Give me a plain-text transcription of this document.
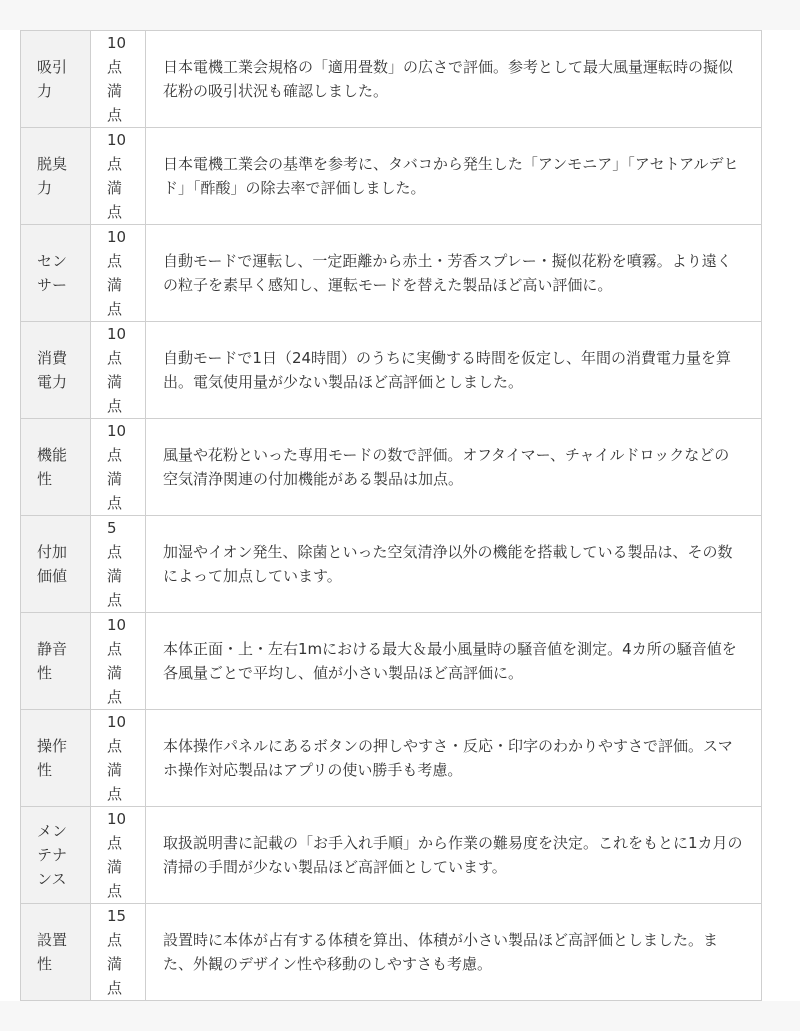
吸引力	10点満点	日本電機工業会規格の「適用畳数」の広さで評価。参考として最大風量運転時の擬似花粉の吸引状況も確認しました。

脱臭力	10点満点	日本電機工業会の基準を参考に、タバコから発生した「アンモニア」「アセトアルデヒド」「酢酸」の除去率で評価しました。

センサー	10点満点	自動モードで運転し、一定距離から赤土・芳香スプレー・擬似花粉を噴霧。より遠くの粒子を素早く感知し、運転モードを替えた製品ほど高い評価に。

消費電力	10点満点	自動モードで1日（24時間）のうちに実働する時間を仮定し、年間の消費電力量を算出。電気使用量が少ない製品ほど高評価としました。

機能性	10点満点	風量や花粉といった専用モードの数で評価。オフタイマー、チャイルドロックなどの空気清浄関連の付加機能がある製品は加点。

付加価値	5点満点	加湿やイオン発生、除菌といった空気清浄以外の機能を搭載している製品は、その数によって加点しています。

静音性	10点満点	本体正面・上・左右1mにおける最大＆最小風量時の騒音値を測定。4カ所の騒音値を各風量ごとで平均し、値が小さい製品ほど高評価に。

操作性	10点満点	本体操作パネルにあるボタンの押しやすさ・反応・印字のわかりやすさで評価。スマホ操作対応製品はアプリの使い勝手も考慮。

メンテナンス	10点満点	取扱説明書に記載の「お手入れ手順」から作業の難易度を決定。これをもとに1カ月の清掃の手間が少ない製品ほど高評価としています。

設置性	15点満点	設置時に本体が占有する体積を算出、体積が小さい製品ほど高評価としました。また、外観のデザイン性や移動のしやすさも考慮。
